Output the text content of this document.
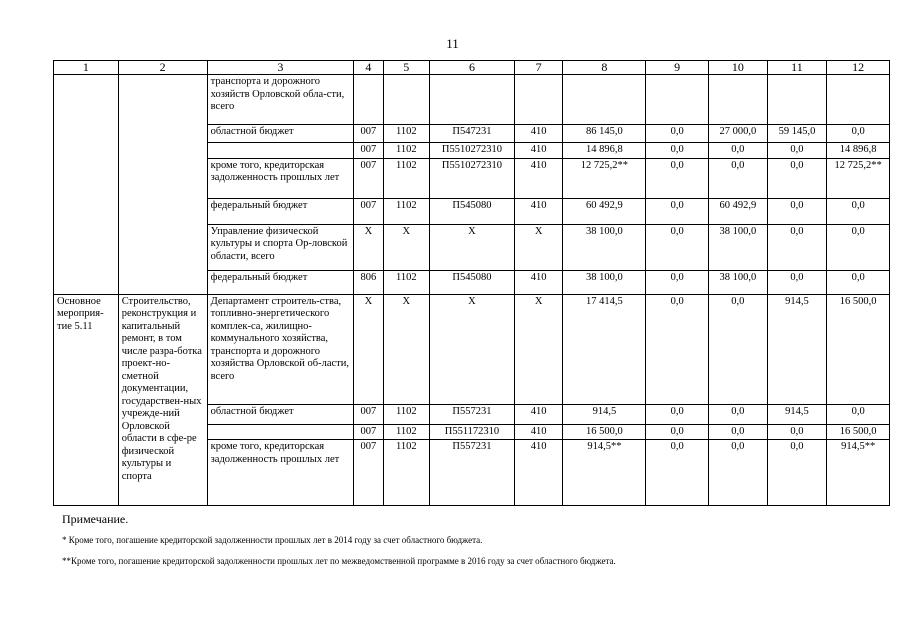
11
1	2	3	4	5	6	7	8	9	10	11	12
		транспорта и дорожного хозяйств Орловской обла-сти, всего									
		областной бюджет	007	1102	П547231	410	86 145,0	0,0	27 000,0	59 145,0	0,0
			007	1102	П5510272310	410	14 896,8	0,0	0,0	0,0	14 896,8
		кроме того, кредиторская задолженность прошлых лет	007	1102	П5510272310	410	12 725,2**	0,0	0,0	0,0	12 725,2**
		федеральный бюджет	007	1102	П545080	410	60 492,9	0,0	60 492,9	0,0	0,0
		Управление физической культуры и спорта Ор-ловской области, всего	Х	Х	Х	Х	38 100,0	0,0	38 100,0	0,0	0,0
		федеральный бюджет	806	1102	П545080	410	38 100,0	0,0	38 100,0	0,0	0,0
Основное мероприя-тие 5.11	Строительство, реконструкция и капитальный ремонт, в том числе разра-ботка проект-но-сметной документации, государствен-ных учрежде-ний Орловской области в сфе-ре физической культуры и спорта	Департамент строитель-ства, топливно-энергетического комплек-са, жилищно-коммунального хозяйства, транспорта и дорожного хозяйства Орловской об-ласти, всего	Х	Х	Х	Х	17 414,5	0,0	0,0	914,5	16 500,0
		областной бюджет	007	1102	П557231	410	914,5	0,0	0,0	914,5	0,0
			007	1102	П551172310	410	16 500,0	0,0	0,0	0,0	16 500,0
		кроме того, кредиторская задолженность прошлых лет	007	1102	П557231	410	914,5**	0,0	0,0	0,0	914,5**
Примечание.
* Кроме того, погашение кредиторской задолженности прошлых лет в 2014 году за счет областного бюджета.
**Кроме того, погашение кредиторской задолженности прошлых лет по межведомственной программе в 2016 году за счет областного бюджета.
